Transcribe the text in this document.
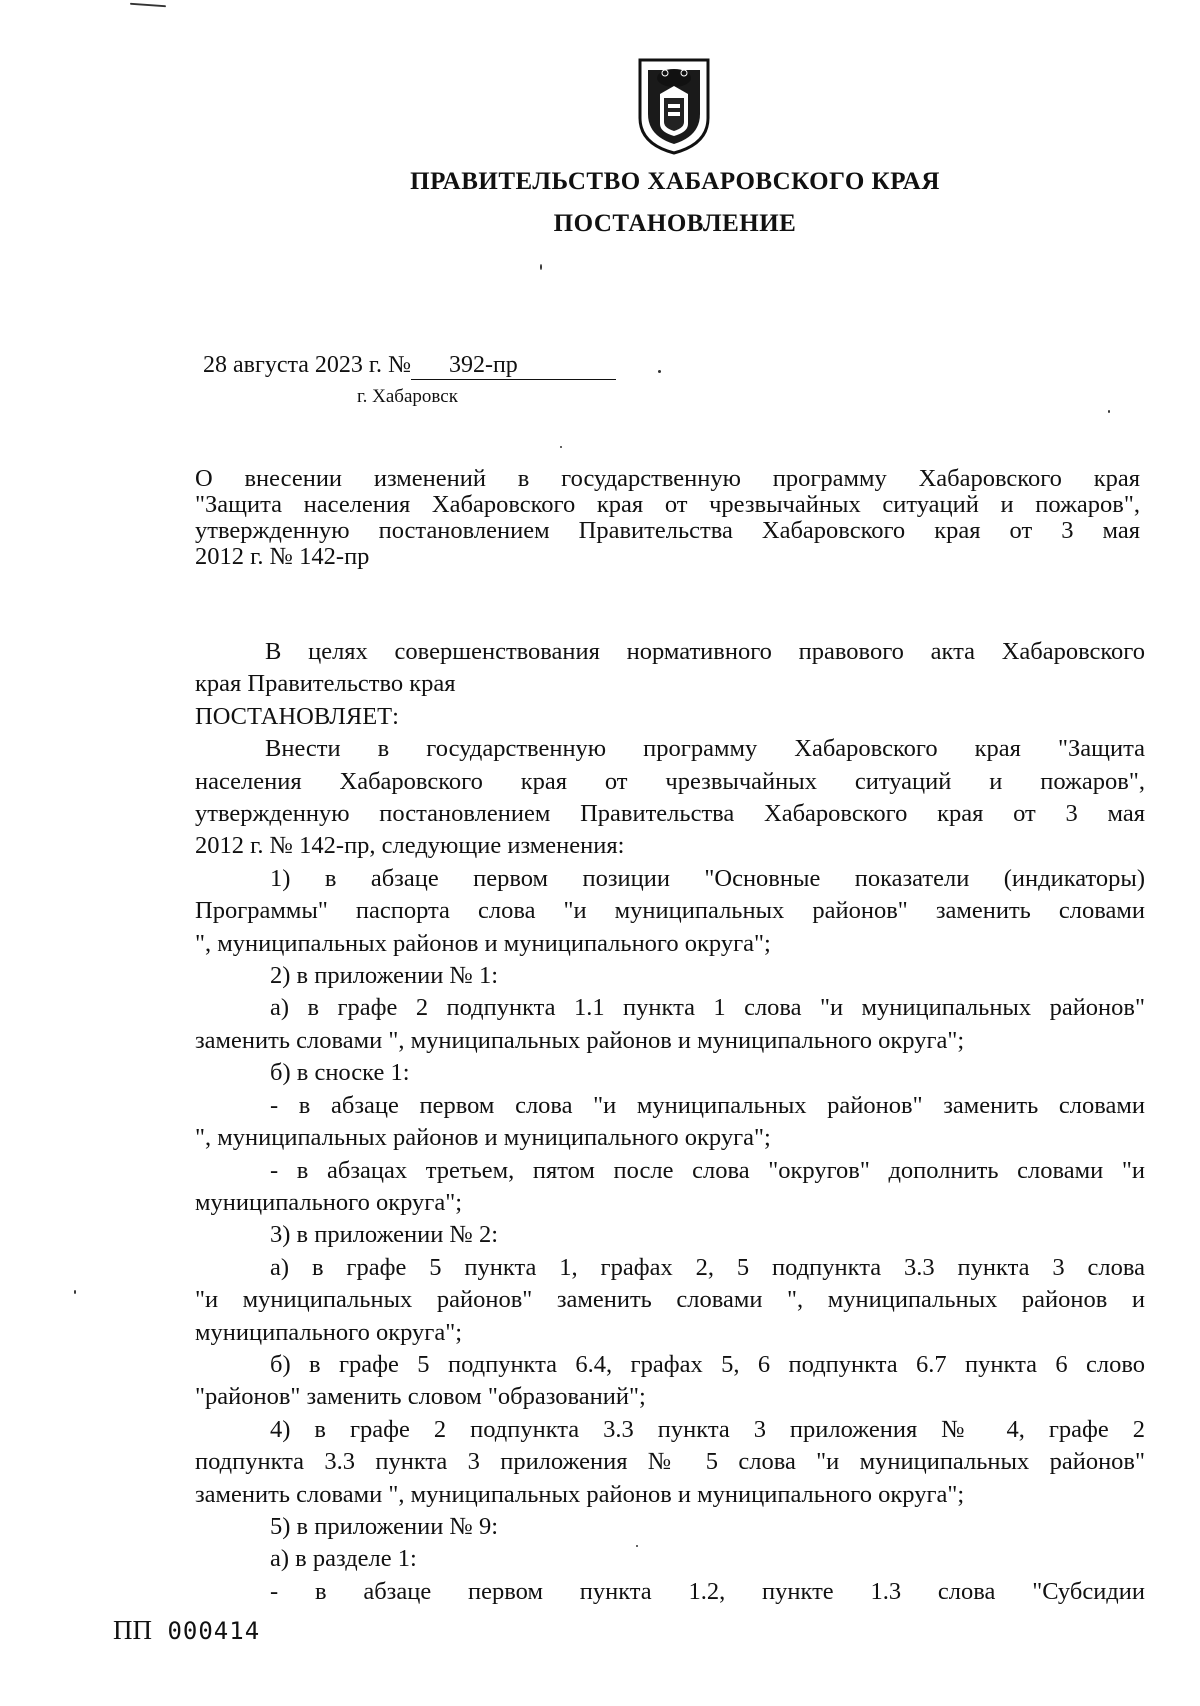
ПРАВИТЕЛЬСТВО ХАБАРОВСКОГО КРАЯ

ПОСТАНОВЛЕНИЕ

28 августа 2023 г. № 392-пр
г. Хабаровск
О внесении изменений в государственную программу Хабаровского края
"Защита населения Хабаровского края от чрезвычайных ситуаций и пожаров",
утвержденную постановлением Правительства Хабаровского края от 3 мая
2012 г. № 142-пр
В целях совершенствования нормативного правового акта Хабаровского
края Правительство края
ПОСТАНОВЛЯЕТ:
Внести в государственную программу Хабаровского края "Защита
населения Хабаровского края от чрезвычайных ситуаций и пожаров",
утвержденную постановлением Правительства Хабаровского края от 3 мая
2012 г. № 142-пр, следующие изменения:
1) в абзаце первом позиции "Основные показатели (индикаторы)
Программы" паспорта слова "и муниципальных районов" заменить словами
", муниципальных районов и муниципального округа";
2) в приложении № 1:
а) в графе 2 подпункта 1.1 пункта 1 слова "и муниципальных районов"
заменить словами ", муниципальных районов и муниципального округа";
б) в сноске 1:
- в абзаце первом слова "и муниципальных районов" заменить словами
", муниципальных районов и муниципального округа";
- в абзацах третьем, пятом после слова "округов" дополнить словами "и
муниципального округа";
3) в приложении № 2:
а) в графе 5 пункта 1, графах 2, 5 подпункта 3.3 пункта 3 слова
"и муниципальных районов" заменить словами ", муниципальных районов и
муниципального округа";
б) в графе 5 подпункта 6.4, графах 5, 6 подпункта 6.7 пункта 6 слово
"районов" заменить словом "образований";
4) в графе 2 подпункта 3.3 пункта 3 приложения № 4, графе 2
подпункта 3.3 пункта 3 приложения № 5 слова "и муниципальных районов"
заменить словами ", муниципальных районов и муниципального округа";
5) в приложении № 9:
а) в разделе 1:
- в абзаце первом пункта 1.2, пункте 1.3 слова "Субсидии
ПП 000414
